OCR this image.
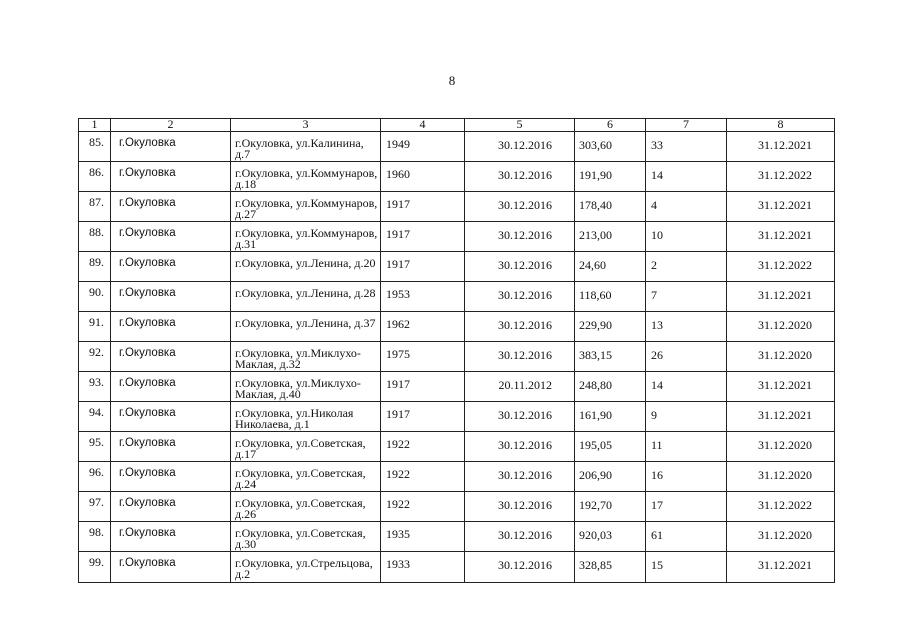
8
1	2	3	4	5	6	7	8
85.	г.Окуловка	г.Окуловка, ул.Калинина, д.7	1949	30.12.2016	303,60	33	31.12.2021
86.	г.Окуловка	г.Окуловка, ул.Коммунаров, д.18	1960	30.12.2016	191,90	14	31.12.2022
87.	г.Окуловка	г.Окуловка, ул.Коммунаров, д.27	1917	30.12.2016	178,40	4	31.12.2021
88.	г.Окуловка	г.Окуловка, ул.Коммунаров, д.31	1917	30.12.2016	213,00	10	31.12.2021
89.	г.Окуловка	г.Окуловка, ул.Ленина, д.20	1917	30.12.2016	24,60	2	31.12.2022
90.	г.Окуловка	г.Окуловка, ул.Ленина, д.28	1953	30.12.2016	118,60	7	31.12.2021
91.	г.Окуловка	г.Окуловка, ул.Ленина, д.37	1962	30.12.2016	229,90	13	31.12.2020
92.	г.Окуловка	г.Окуловка, ул.Миклухо-Маклая, д.32	1975	30.12.2016	383,15	26	31.12.2020
93.	г.Окуловка	г.Окуловка, ул.Миклухо-Маклая, д.40	1917	20.11.2012	248,80	14	31.12.2021
94.	г.Окуловка	г.Окуловка, ул.Николая Николаева, д.1	1917	30.12.2016	161,90	9	31.12.2021
95.	г.Окуловка	г.Окуловка, ул.Советская, д.17	1922	30.12.2016	195,05	11	31.12.2020
96.	г.Окуловка	г.Окуловка, ул.Советская, д.24	1922	30.12.2016	206,90	16	31.12.2020
97.	г.Окуловка	г.Окуловка, ул.Советская, д.26	1922	30.12.2016	192,70	17	31.12.2022
98.	г.Окуловка	г.Окуловка, ул.Советская, д.30	1935	30.12.2016	920,03	61	31.12.2020
99.	г.Окуловка	г.Окуловка, ул.Стрельцова, д.2	1933	30.12.2016	328,85	15	31.12.2021
